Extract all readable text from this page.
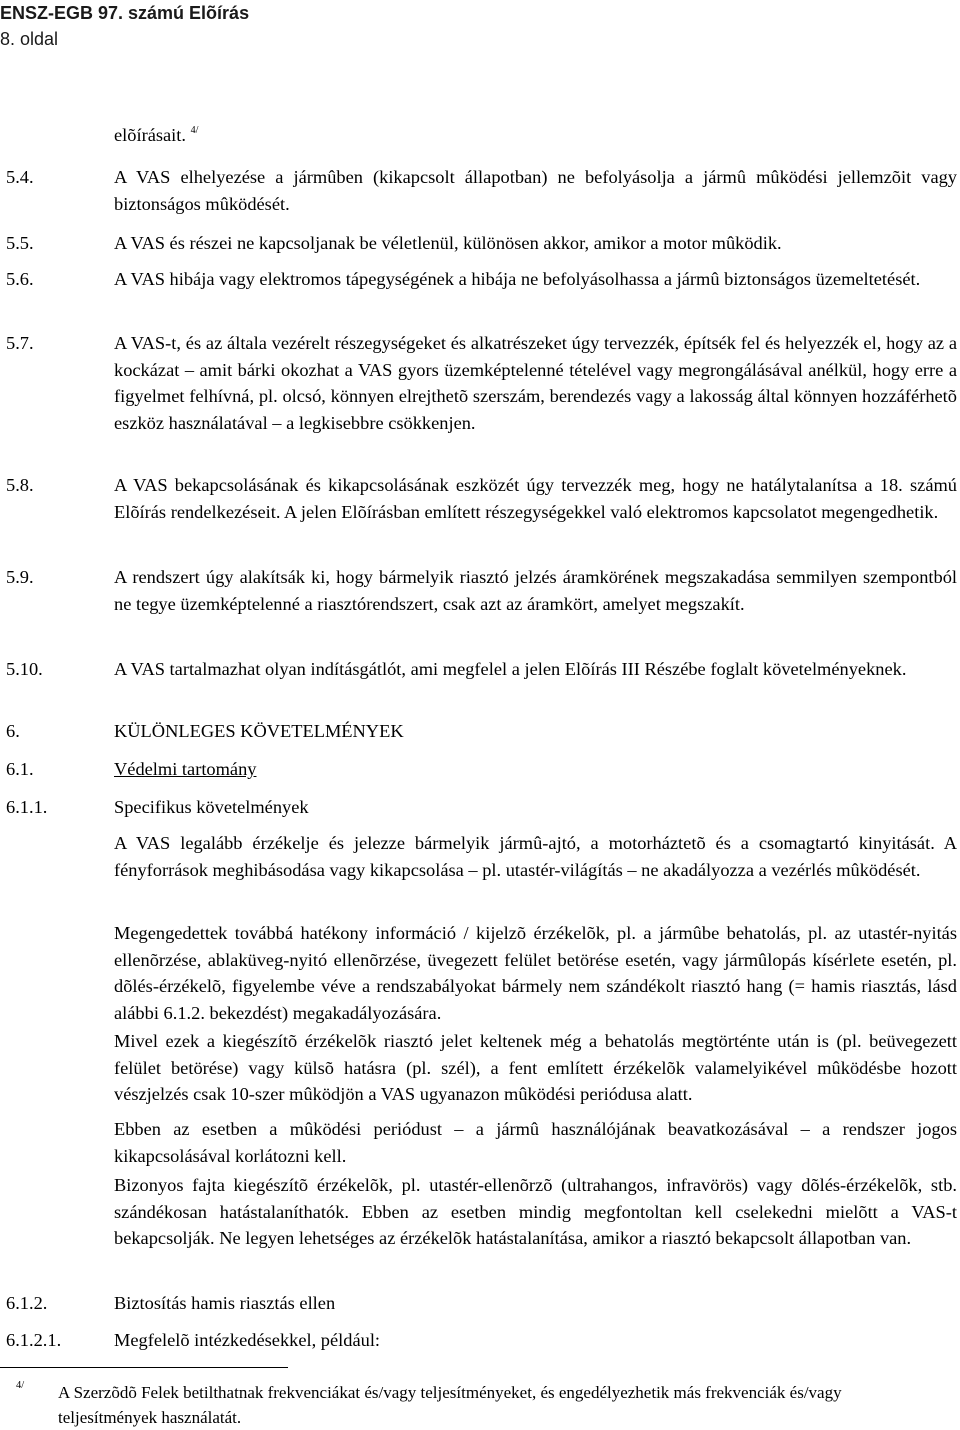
ENSZ-EGB 97. számú Elõírás
8. oldal
elõírásait. $^{4/}$
5.4.	A VAS elhelyezése a jármûben (kikapcsolt állapotban) ne befolyásolja a jármû mûködési jellemzõit vagy biztonságos mûködését.
5.5.	A VAS és részei ne kapcsoljanak be véletlenül, különösen akkor, amikor a motor mûködik.
5.6.	A VAS hibája vagy elektromos tápegységének a hibája ne befolyásolhassa a jármû biztonságos üzemeltetését.
5.7.	A VAS-t, és az általa vezérelt részegységeket és alkatrészeket úgy tervezzék, építsék fel és helyezzék el, hogy az a kockázat – amit bárki okozhat a VAS gyors üzemképtelenné tételével vagy megrongálásával anélkül, hogy erre a figyelmet felhívná, pl. olcsó, könnyen elrejthetõ szerszám, berendezés vagy a lakosság által könnyen hozzáférhetõ eszköz használatával – a legkisebbre csökkenjen.
5.8.	A VAS bekapcsolásának és kikapcsolásának eszközét úgy tervezzék meg, hogy ne hatálytalanítsa a 18. számú Elõírás rendelkezéseit. A jelen Elõírásban említett részegységekkel való elektromos kapcsolatot megengedhetik.
5.9.	A rendszert úgy alakítsák ki, hogy bármelyik riasztó jelzés áramkörének megszakadása semmilyen szempontból ne tegye üzemképtelenné a riasztórendszert, csak azt az áramkört, amelyet megszakít.
5.10.	A VAS tartalmazhat olyan indításgátlót, ami megfelel a jelen Elõírás III Részébe foglalt követelményeknek.
6.	KÜLÖNLEGES KÖVETELMÉNYEK
6.1.	Védelmi tartomány
6.1.1.	Specifikus követelmények
A VAS legalább érzékelje és jelezze bármelyik jármû-ajtó, a motorháztetõ és a csomagtartó kinyitását. A fényforrások meghibásodása vagy kikapcsolása – pl. utastér-világítás – ne akadályozza a vezérlés mûködését.
Megengedettek továbbá hatékony információ / kijelzõ érzékelõk, pl. a jármûbe behatolás, pl. az utastér-nyitás ellenõrzése, ablaküveg-nyitó ellenõrzése, üvegezett felület betörése esetén, vagy jármûlopás kísérlete esetén, pl. dõlés-érzékelõ, figyelembe véve a rendszabályokat bármely nem szándékolt riasztó hang (= hamis riasztás, lásd alábbi 6.1.2. bekezdést) megakadályozására.
Mivel ezek a kiegészítõ érzékelõk riasztó jelet keltenek még a behatolás megtörténte után is (pl. beüvegezett felület betörése) vagy külsõ hatásra (pl. szél), a fent említett érzékelõk valamelyikével mûködésbe hozott vészjelzés csak 10-szer mûködjön a VAS ugyanazon mûködési periódusa alatt.
Ebben az esetben a mûködési periódust – a jármû használójának beavatkozásával – a rendszer jogos kikapcsolásával korlátozni kell.
Bizonyos fajta kiegészítõ érzékelõk, pl. utastér-ellenõrzõ (ultrahangos, infravörös) vagy dõlés-érzékelõk, stb. szándékosan hatástalaníthatók. Ebben az esetben mindig megfontoltan kell cselekedni mielõtt a VAS-t bekapcsolják. Ne legyen lehetséges az érzékelõk hatástalanítása, amikor a riasztó bekapcsolt állapotban van.
6.1.2.	Biztosítás hamis riasztás ellen
6.1.2.1.	Megfelelõ intézkedésekkel, például:
4/ A Szerzõdõ Felek betilthatnak frekvenciákat és/vagy teljesítményeket, és engedélyezhetik más frekvenciák és/vagy teljesítmények használatát.
